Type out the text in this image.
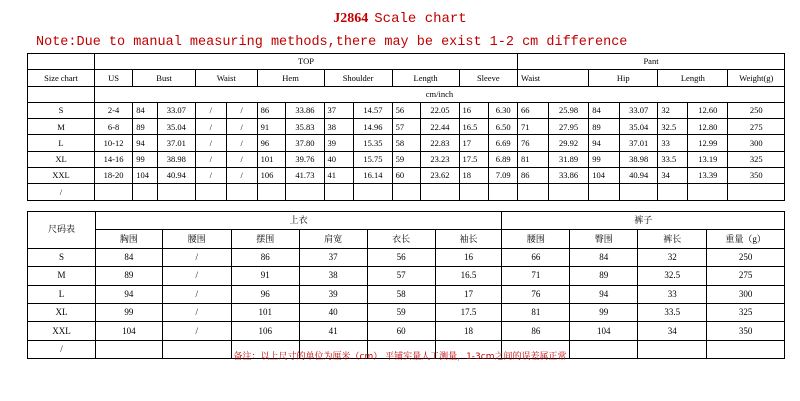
J2864 Scale chart
Note:Due to manual measuring methods,there may be exist 1-2 cm difference
	TOP													Pant						
Size chart	US	Bust		Waist		Hem		Shoulder		Length		Sleeve		Waist		Hip		Length		Weight(g)
	cm/inch																			
S	2-4	84	33.07	/	/	86	33.86	37	14.57	56	22.05	16	6.30	66	25.98	84	33.07	32	12.60	250
M	6-8	89	35.04	/	/	91	35.83	38	14.96	57	22.44	16.5	6.50	71	27.95	89	35.04	32.5	12.80	275
L	10-12	94	37.01	/	/	96	37.80	39	15.35	58	22.83	17	6.69	76	29.92	94	37.01	33	12.99	300
XL	14-16	99	38.98	/	/	101	39.76	40	15.75	59	23.23	17.5	6.89	81	31.89	99	38.98	33.5	13.19	325
XXL	18-20	104	40.94	/	/	106	41.73	41	16.14	60	23.62	18	7.09	86	33.86	104	40.94	34	13.39	350
/																				
尺码表	上衣						裤子			
	胸围	腰围	摆围	肩宽	衣长	袖长	腰围	臀围	裤长	重量（g）
S	84	/	86	37	56	16	66	84	32	250
M	89	/	91	38	57	16.5	71	89	32.5	275
L	94	/	96	39	58	17	76	94	33	300
XL	99	/	101	40	59	17.5	81	99	33.5	325
XXL	104	/	106	41	60	18	86	104	34	350
/										
备注：以上尺寸的单位为厘米（cm） 平铺实量人工测量，1-3cm之间的误差属正常
